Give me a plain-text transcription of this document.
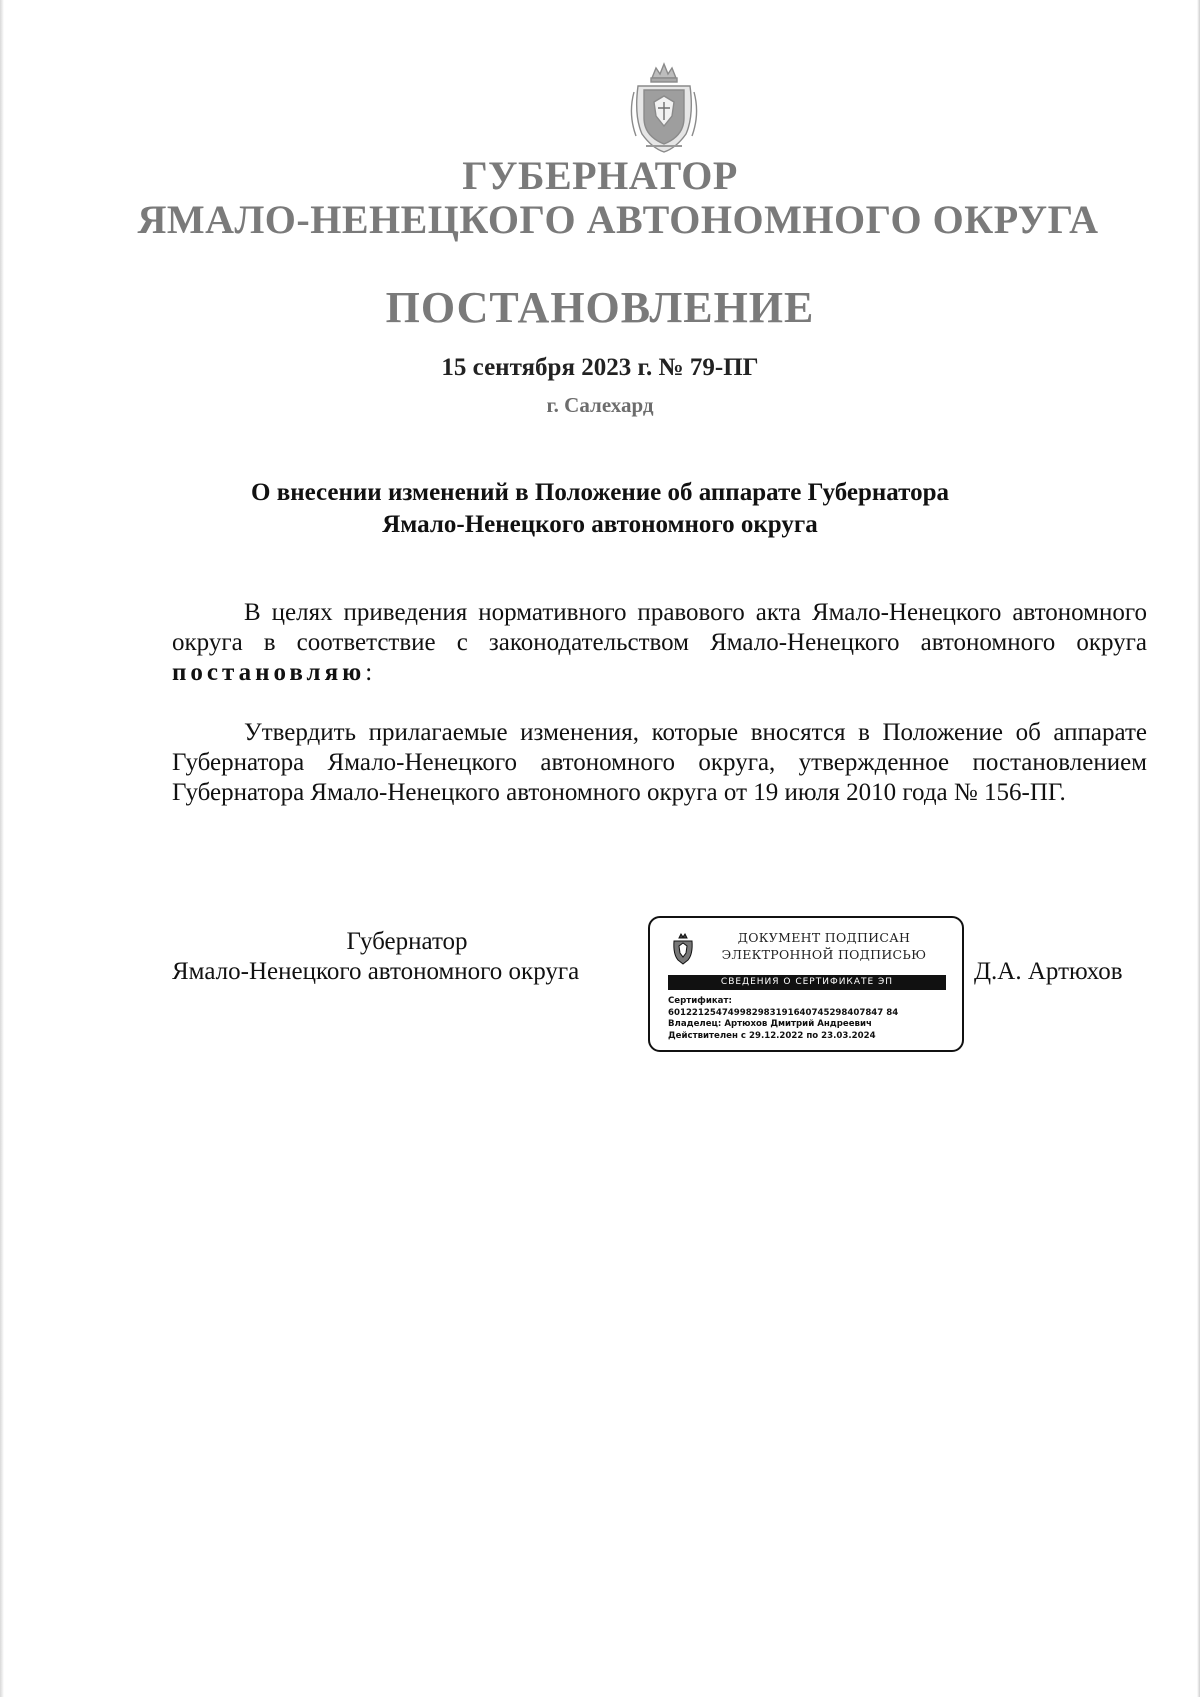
ГУБЕРНАТОР
ЯМАЛО-НЕНЕЦКОГО АВТОНОМНОГО ОКРУГА
ПОСТАНОВЛЕНИЕ
15 сентября 2023 г. № 79-ПГ
г. Салехард
О внесении изменений в Положение об аппарате Губернатора
Ямало-Ненецкого автономного округа
В целях приведения нормативного правового акта Ямало-Ненецкого автономного округа в соответствие с законодательством Ямало-Ненецкого автономного округа постановляю:
Утвердить прилагаемые изменения, которые вносятся в Положение об аппарате Губернатора Ямало-Ненецкого автономного округа, утвержденное постановлением Губернатора Ямало-Ненецкого автономного округа от 19 июля 2010 года № 156-ПГ.
Губернатор
Ямало-Ненецкого автономного округа
ДОКУМЕНТ ПОДПИСАН
ЭЛЕКТРОННОЙ ПОДПИСЬЮ
СВЕДЕНИЯ О СЕРТИФИКАТЕ ЭП
Сертификат:
601221254749982983191640745298407847 84
Владелец: Артюхов Дмитрий Андреевич
Действителен с 29.12.2022 по 23.03.2024
Д.А. Артюхов
